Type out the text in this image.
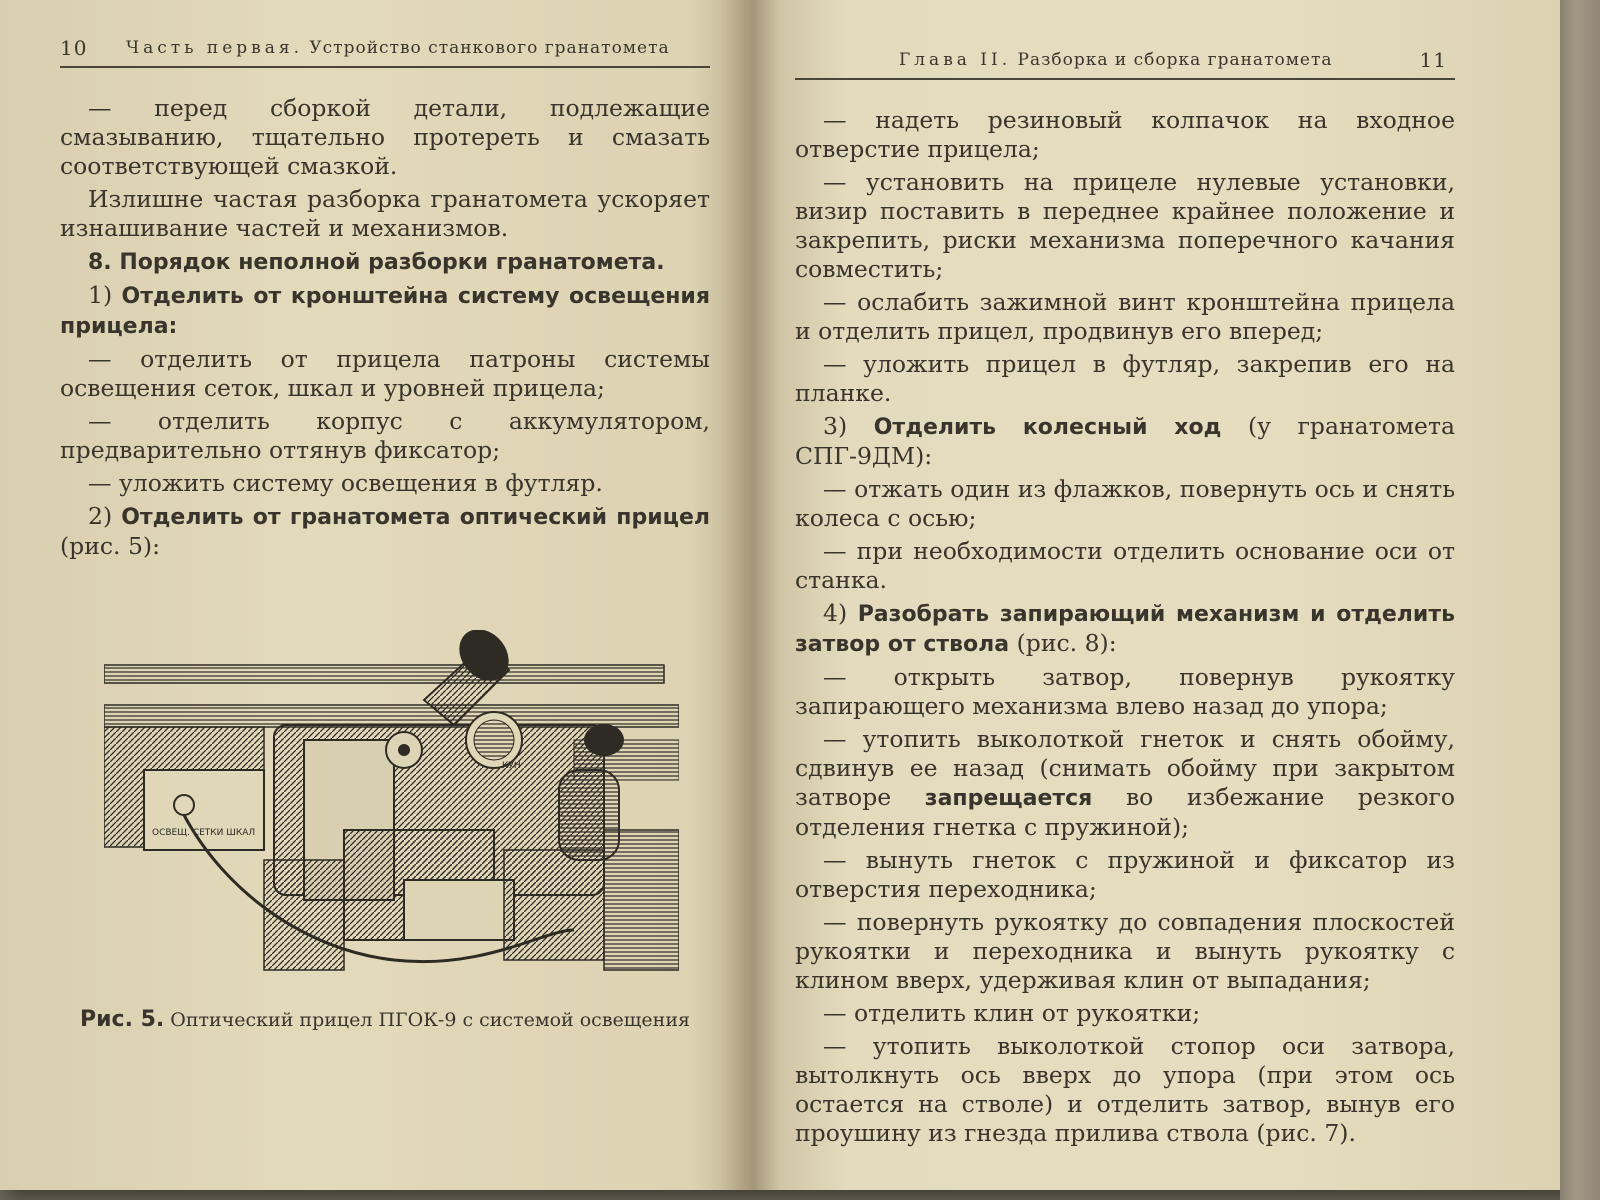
10 Часть первая. Устройство станкового гранатомета

— перед сборкой детали, подлежащие смазыванию, тщательно протереть и смазать соответствующей смазкой.

Излишне частая разборка гранатомета ускоряет изнашивание частей и механизмов.

8. Порядок неполной разборки гранатомета.

1) Отделить от кронштейна систему освещения прицела:

— отделить от прицела патроны системы освещения сеток, шкал и уровней прицела;

— отделить корпус с аккумулятором, предварительно оттянув фиксатор;

— уложить систему освещения в футляр.

2) Отделить от гранатомета оптический прицел (рис. 5):

ОСВЕЩ. СЕТКИ ШКАЛ
КУН
Рис. 5. Оптический прицел ПГОК-9 с системой освещения
Глава II. Разборка и сборка гранатомета	11

— надеть резиновый колпачок на входное отверстие прицела;

— установить на прицеле нулевые установки, визир поставить в переднее крайнее положение и закрепить, риски механизма поперечного качания совместить;

— ослабить зажимной винт кронштейна прицела и отделить прицел, продвинув его вперед;

— уложить прицел в футляр, закрепив его на планке.

3) Отделить колесный ход (у гранатомета СПГ-9ДМ):

— отжать один из флажков, повернуть ось и снять колеса с осью;

— при необходимости отделить основание оси от станка.

4) Разобрать запирающий механизм и отделить затвор от ствола (рис. 8):

— открыть затвор, повернув рукоятку запирающего механизма влево назад до упора;

— утопить выколоткой гнеток и снять обойму, сдвинув ее назад (снимать обойму при закрытом затворе запрещается во избежание резкого отделения гнетка с пружиной);

— вынуть гнеток с пружиной и фиксатор из отверстия переходника;

— повернуть рукоятку до совпадения плоскостей рукоятки и переходника и вынуть рукоятку с клином вверх, удерживая клин от выпадания;

— отделить клин от рукоятки;

— утопить выколоткой стопор оси затвора, вытолкнуть ось вверх до упора (при этом ось остается на стволе) и отделить затвор, вынув его проушину из гнезда прилива ствола (рис. 7).
